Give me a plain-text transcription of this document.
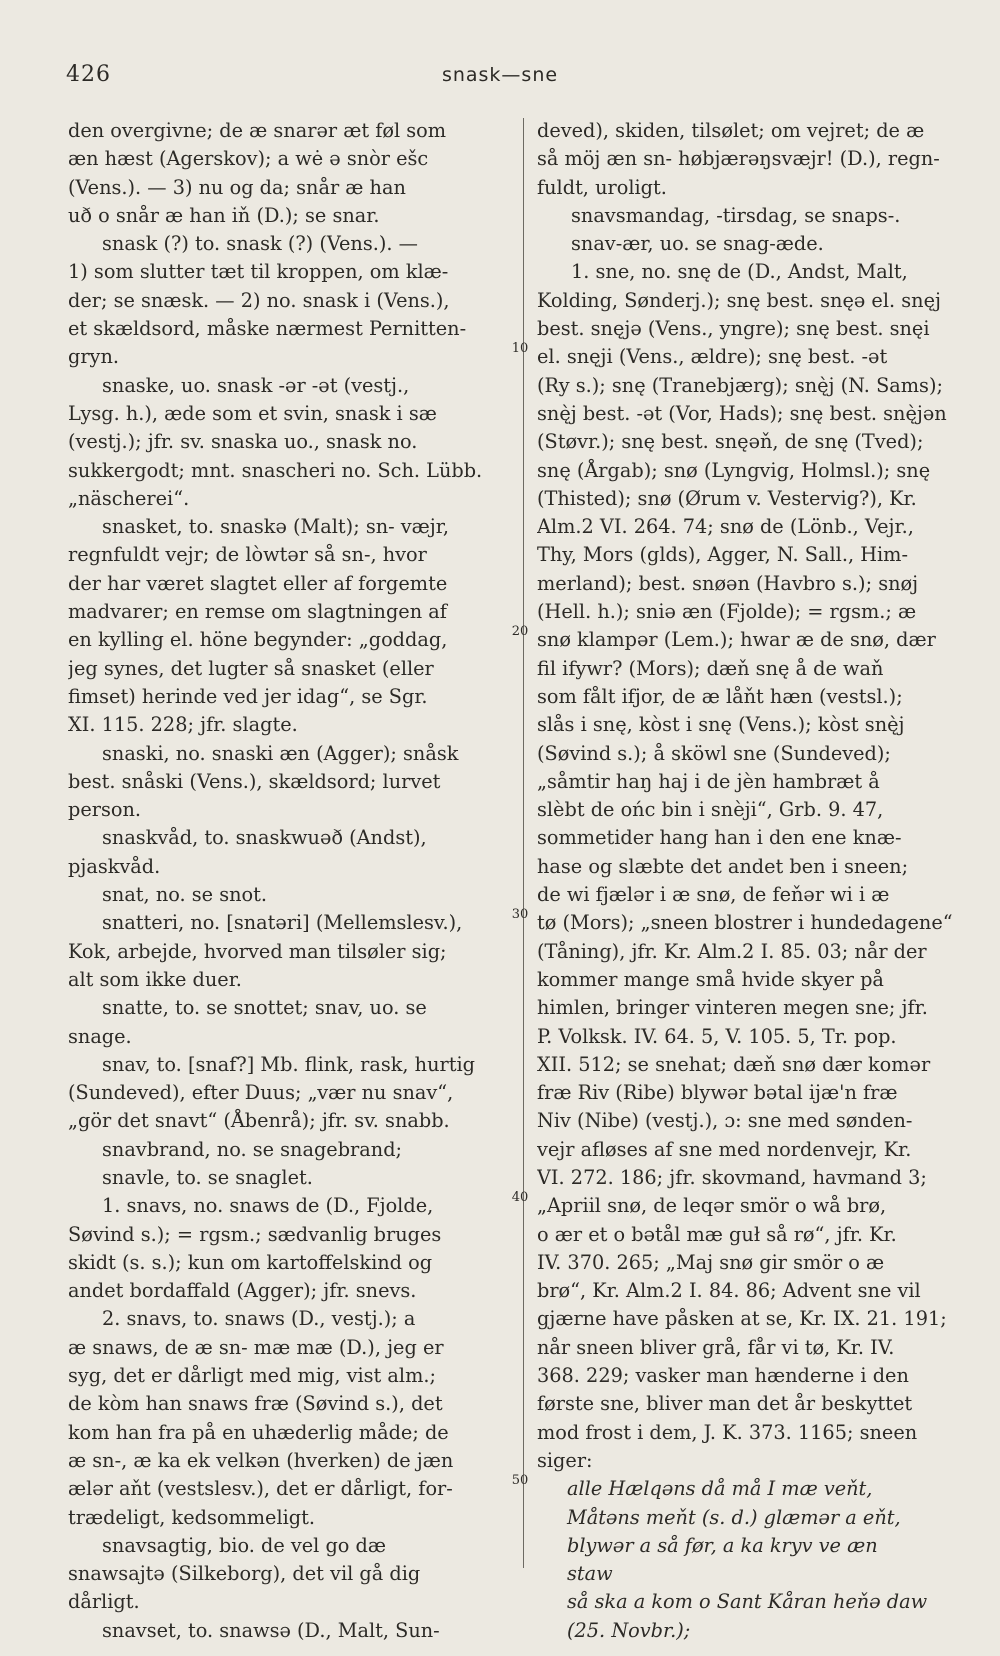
426	snask—sne
10
20
30
40
50
den overgivne; de æ snarər æt føl som
æn hæst (Agerskov); a wė ə snòr ešc
(Vens.). — 3) nu og da; snår æ han
uð o snår æ han iň (D.); se snar.
snask (?) to. snask (?) (Vens.). —
1) som slutter tæt til kroppen, om klæ-
der; se snæsk. — 2) no. snask i (Vens.),
et skældsord, måske nærmest Pernitten-
gryn.
snaske, uo. snask -ər -ət (vestj.,
Lysg. h.), æde som et svin, snask i sæ
(vestj.); jfr. sv. snaska uo., snask no.
sukkergodt; mnt. snascheri no. Sch. Lübb.
„näscherei“.
snasket, to. snaskə (Malt); sn- væjr,
regnfuldt vejr; de lòwtər så sn-, hvor
der har været slagtet eller af forgemte
madvarer; en remse om slagtningen af
en kylling el. höne begynder: „goddag,
jeg synes, det lugter så snasket (eller
fimset) herinde ved jer idag“, se Sgr.
XI. 115. 228; jfr. slagte.
snaski, no. snaski æn (Agger); snåsk
best. snåski (Vens.), skældsord; lurvet
person.
snaskvåd, to. snaskwuəð (Andst),
pjaskvåd.
snat, no. se snot.
snatteri, no. [snatəri] (Mellemslesv.),
Kok, arbejde, hvorved man tilsøler sig;
alt som ikke duer.
snatte, to. se snottet; snav, uo. se
snage.
snav, to. [snaf?] Mb. flink, rask, hurtig
(Sundeved), efter Duus; „vær nu snav“,
„gör det snavt“ (Åbenrå); jfr. sv. snabb.
snavbrand, no. se snagebrand;
snavle, to. se snaglet.
1. snavs, no. snaws de (D., Fjolde,
Søvind s.); = rgsm.; sædvanlig bruges
skidt (s. s.); kun om kartoffelskind og
andet bordaffald (Agger); jfr. snevs.
2. snavs, to. snaws (D., vestj.); a
æ snaws, de æ sn- mæ mæ (D.), jeg er
syg, det er dårligt med mig, vist alm.;
de kòm han snaws fræ (Søvind s.), det
kom han fra på en uhæderlig måde; de
æ sn-, æ ka ek velkən (hverken) de jæn
ælər aňt (vestslesv.), det er dårligt, for-
trædeligt, kedsommeligt.
snavsagtig, bio. de vel go dæ
snawsajtə (Silkeborg), det vil gå dig
dårligt.
snavset, to. snawsə (D., Malt, Sun-
deved), skiden, tilsølet; om vejret; de æ
så möj æn sn- høbjærəŋsvæjr! (D.), regn-
fuldt, uroligt.
snavsmandag, -tirsdag, se snaps-.
snav-ær, uo. se snag-æde.
1. sne, no. snę de (D., Andst, Malt,
Kolding, Sønderj.); snę best. snęə el. snęj
best. snęjə (Vens., yngre); snę best. snęi
el. snęji (Vens., ældre); snę best. -ət
(Ry s.); snę (Tranebjærg); snę̀j (N. Sams);
snę̀j best. -ət (Vor, Hads); snę best. snę̀jən
(Støvr.); snę best. snęəň, de snę (Tved);
snę (Årgab); snø (Lyngvig, Holmsl.); snę
(Thisted); snø (Ørum v. Vestervig?), Kr.
Alm.2 VI. 264. 74; snø de (Lönb., Vejr.,
Thy, Mors (glds), Agger, N. Sall., Him-
merland); best. snøən (Havbro s.); snøj
(Hell. h.); sniə æn (Fjolde); = rgsm.; æ
snø klampər (Lem.); hwar æ de snø, dær
fil ifywr? (Mors); dæň snę å de waň
som fålt ifjor, de æ låňt hæn (vestsl.);
slås i snę, kòst i snę (Vens.); kòst snę̀j
(Søvind s.); å sköwl sne (Sundeved);
„såmtir haŋ haj i de jèn hambræt å
slèbt de ońc bin i snèji“, Grb. 9. 47,
sommetider hang han i den ene knæ-
hase og slæbte det andet ben i sneen;
de wi fjælər i æ snø, de feňər wi i æ
tø (Mors); „sneen blostrer i hundedagene“
(Tåning), jfr. Kr. Alm.2 I. 85. 03; når der
kommer mange små hvide skyer på
himlen, bringer vinteren megen sne; jfr.
P. Volksk. IV. 64. 5, V. 105. 5, Tr. pop.
XII. 512; se snehat; dæň snø dær komər
fræ Riv (Ribe) blywər bətal ijæ'n fræ
Niv (Nibe) (vestj.), ɔ: sne med sønden-
vejr afløses af sne med nordenvejr, Kr.
VI. 272. 186; jfr. skovmand, havmand 3;
„Apriil snø, de leqər smör o wå brø,
o ær et o bətål mæ guł så rø“, jfr. Kr.
IV. 370. 265; „Maj snø gir smör o æ
brø“, Kr. Alm.2 I. 84. 86; Advent sne vil
gjærne have påsken at se, Kr. IX. 21. 191;
når sneen bliver grå, får vi tø, Kr. IV.
368. 229; vasker man hænderne i den
første sne, bliver man det år beskyttet
mod frost i dem, J. K. 373. 1165; sneen
siger:
alle Hælqəns då må I mæ veňt,
Måtəns meňt (s. d.) glæmər a eňt,
blywər a så før, a ka kryv ve æn
staw
så ska a kom o Sant Kåran heňə daw
(25. Novbr.);
